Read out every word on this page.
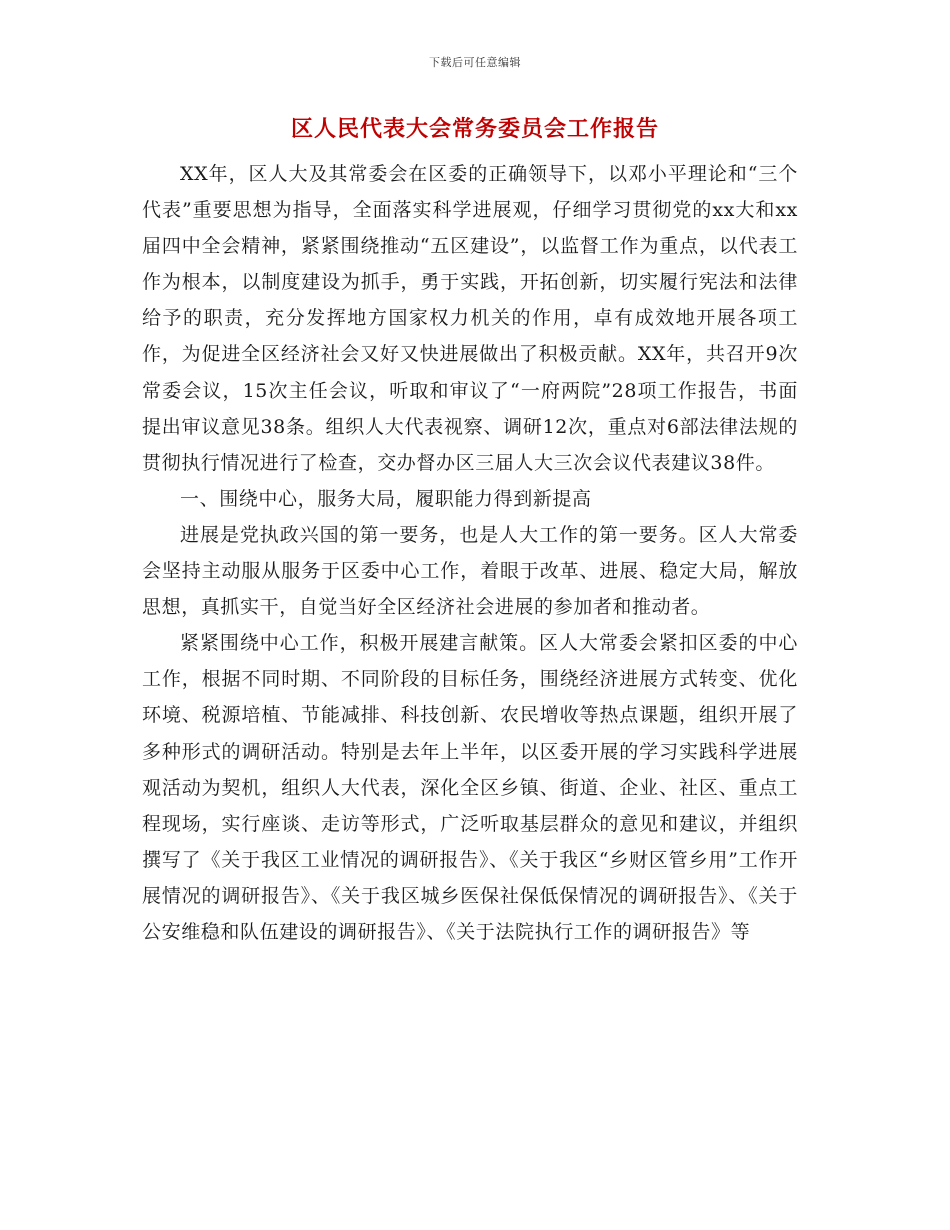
下载后可任意编辑
区人民代表大会常务委员会工作报告

XX年，区人大及其常委会在区委的正确领导下，以邓小平理论和“三个代表”重要思想为指导，全面落实科学进展观，仔细学习贯彻党的xx大和xx届四中全会精神，紧紧围绕推动“五区建设”，以监督工作为重点，以代表工作为根本，以制度建设为抓手，勇于实践，开拓创新，切实履行宪法和法律给予的职责，充分发挥地方国家权力机关的作用，卓有成效地开展各项工作，为促进全区经济社会又好又快进展做出了积极贡献。XX年，共召开9次常委会议，15次主任会议，听取和审议了“一府两院”28项工作报告，书面提出审议意见38条。组织人大代表视察、调研12次，重点对6部法律法规的贯彻执行情况进行了检查，交办督办区三届人大三次会议代表建议38件。

一、围绕中心，服务大局，履职能力得到新提高

进展是党执政兴国的第一要务，也是人大工作的第一要务。区人大常委会坚持主动服从服务于区委中心工作，着眼于改革、进展、稳定大局，解放思想，真抓实干，自觉当好全区经济社会进展的参加者和推动者。

紧紧围绕中心工作，积极开展建言献策。区人大常委会紧扣区委的中心工作，根据不同时期、不同阶段的目标任务，围绕经济进展方式转变、优化环境、税源培植、节能减排、科技创新、农民增收等热点课题，组织开展了多种形式的调研活动。特别是去年上半年，以区委开展的学习实践科学进展观活动为契机，组织人大代表，深化全区乡镇、街道、企业、社区、重点工程现场，实行座谈、走访等形式，广泛听取基层群众的意见和建议，并组织撰写了《关于我区工业情况的调研报告》、《关于我区“乡财区管乡用”工作开展情况的调研报告》、《关于我区城乡医保社保低保情况的调研报告》、《关于公安维稳和队伍建设的调研报告》、《关于法院执行工作的调研报告》等
